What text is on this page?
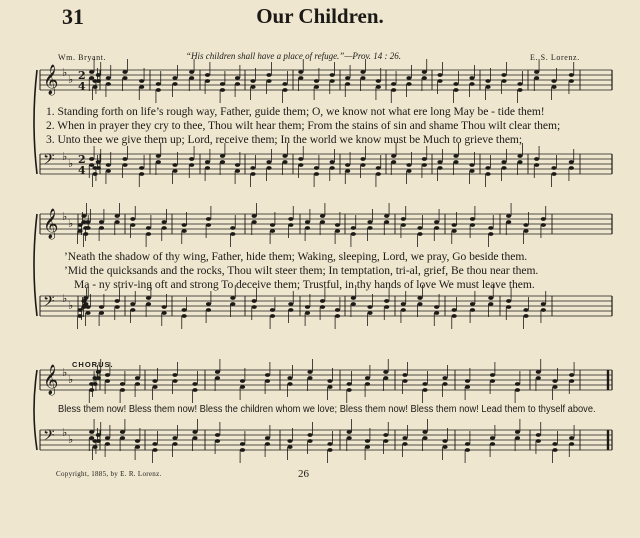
𝄞 ♭
♭ 2
4
𝄢 ♭
♭ 2
4
𝄞 ♭
♭
𝄢 ♭
♭
𝄞 ♭
♭
𝄢 ♭
♭
31	Our Children.
Wm. Bryant.	“His children shall have a place of refuge.”—Prov. 14 : 26.	E. S. Lorenz.
1. Standing forth on life’s rough way, Father, guide them; O, we know not what ere long May be - tide them!
2. When in prayer they cry to thee, Thou wilt hear them; From the stains of sin and shame Thou wilt clear them;
3. Unto thee we give them up; Lord, receive them; In the world we know must be Much to grieve them;
’Neath the shadow of thy wing, Father, hide them; Waking, sleeping, Lord, we pray, Go beside them.
’Mid the quicksands and the rocks, Thou wilt steer them; In temptation, tri-al, grief, Be thou near them.
Ma - ny striv-ing oft and strong To deceive them; Trustful, in thy hands of love We must leave them.
CHORUS.
Bless them now! Bless them now! Bless the children whom we love; Bless them now! Bless them now! Lead them to thyself above.
Copyright, 1885, by E. R. Lorenz.	26
